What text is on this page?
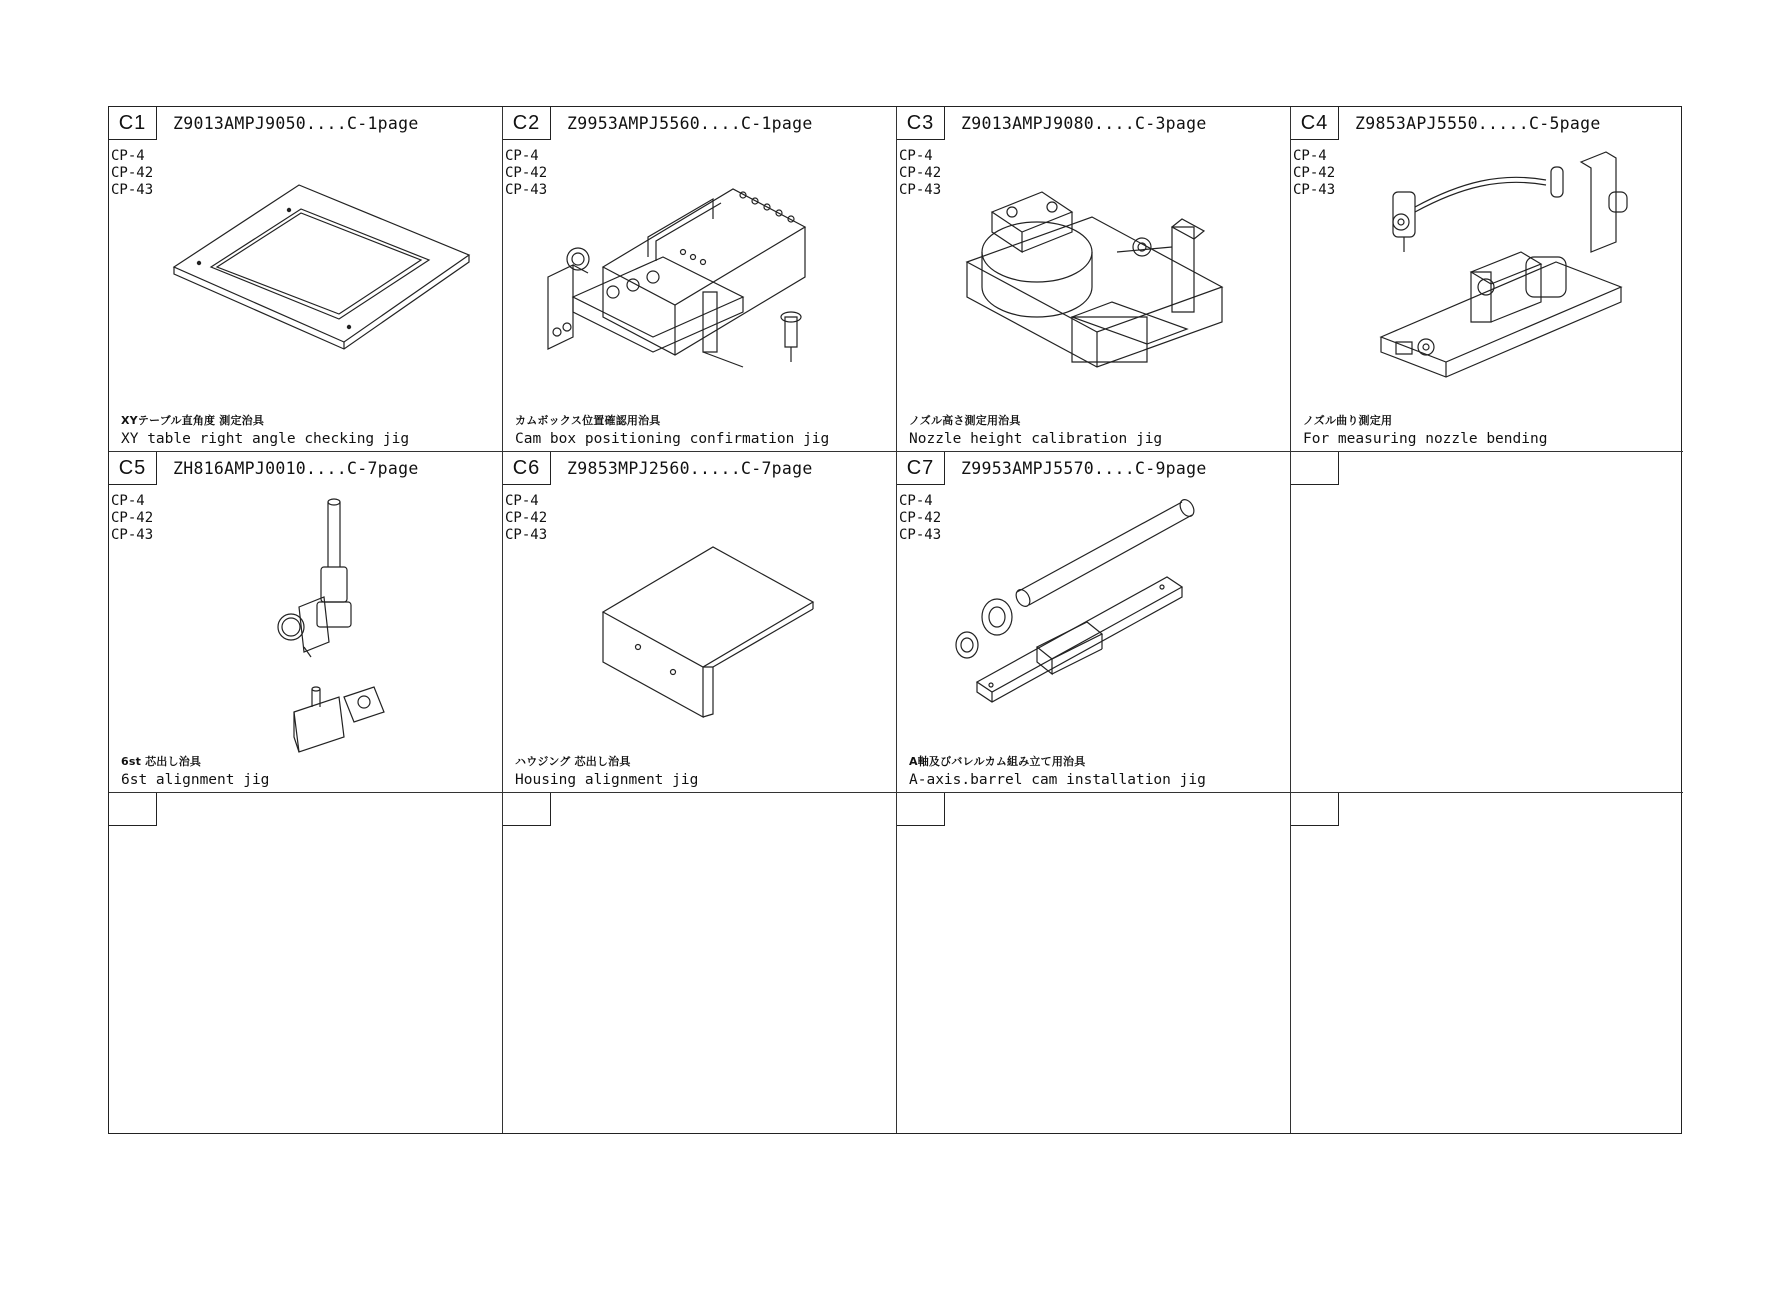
C1	Z9013AMPJ9050....C-1page
CP-4
CP-42
CP-43
XYテーブル直角度 測定治具
XY table right angle checking jig
C2	Z9953AMPJ5560....C-1page
CP-4
CP-42
CP-43
カムボックス位置確認用治具
Cam box positioning confirmation jig
C3	Z9013AMPJ9080....C-3page
CP-4
CP-42
CP-43
ノズル高さ測定用治具
Nozzle height calibration jig
C4	Z9853APJ5550.....C-5page
CP-4
CP-42
CP-43
ノズル曲り測定用
For measuring nozzle bending
C5	ZH816AMPJ0010....C-7page
CP-4
CP-42
CP-43
6st 芯出し治具
6st alignment jig
C6	Z9853MPJ2560.....C-7page
CP-4
CP-42
CP-43
ハウジング 芯出し治具
Housing alignment jig
C7	Z9953AMPJ5570....C-9page
CP-4
CP-42
CP-43
A軸及びバレルカム組み立て用治具
A-axis.barrel cam installation jig
